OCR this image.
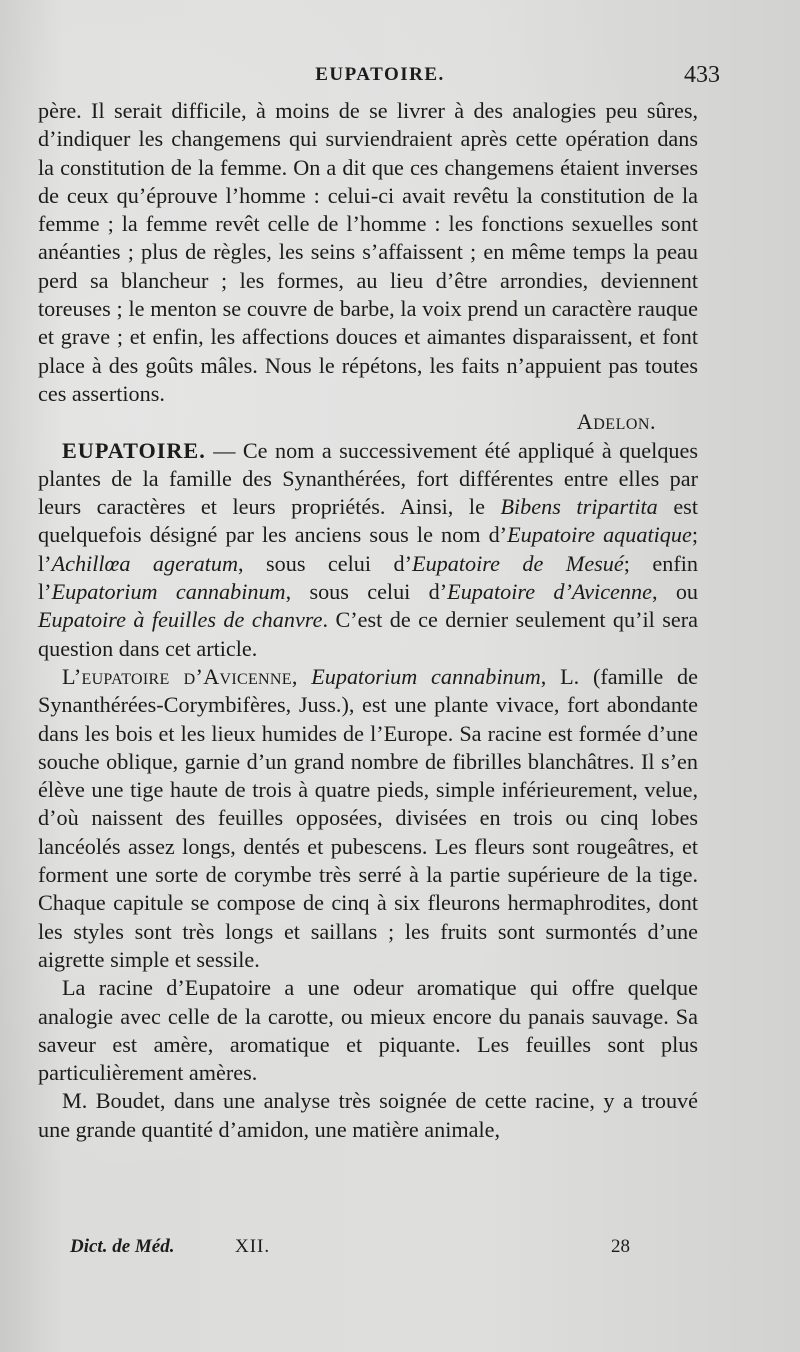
EUPATOIRE.	433

père. Il serait difficile, à moins de se livrer à des analogies peu sûres, d’indiquer les changemens qui surviendraient après cette opération dans la constitution de la femme. On a dit que ces changemens étaient inverses de ceux qu’éprouve l’homme : celui-ci avait revêtu la constitution de la femme ; la femme revêt celle de l’homme : les fonctions sexuelles sont anéanties ; plus de règles, les seins s’affaissent ; en même temps la peau perd sa blancheur ; les formes, au lieu d’être arrondies, deviennent toreuses ; le menton se couvre de barbe, la voix prend un caractère rauque et grave ; et enfin, les affections douces et aimantes disparaissent, et font place à des goûts mâles. Nous le répétons, les faits n’appuient pas toutes ces assertions.

Adelon.

EUPATOIRE. — Ce nom a successivement été appliqué à quelques plantes de la famille des Synanthérées, fort différentes entre elles par leurs caractères et leurs propriétés. Ainsi, le Bibens tripartita est quelquefois désigné par les anciens sous le nom d’Eupatoire aquatique; l’Achillœa ageratum, sous celui d’Eupatoire de Mesué; enfin l’Eupatorium cannabinum, sous celui d’Eupatoire d’Avicenne, ou Eupatoire à feuilles de chanvre. C’est de ce dernier seulement qu’il sera question dans cet article.

L’eupatoire d’Avicenne, Eupatorium cannabinum, L. (famille de Synanthérées-Corymbifères, Juss.), est une plante vivace, fort abondante dans les bois et les lieux humides de l’Europe. Sa racine est formée d’une souche oblique, garnie d’un grand nombre de fibrilles blanchâtres. Il s’en élève une tige haute de trois à quatre pieds, simple inférieurement, velue, d’où naissent des feuilles opposées, divisées en trois ou cinq lobes lancéolés assez longs, dentés et pubescens. Les fleurs sont rougeâtres, et forment une sorte de corymbe très serré à la partie supérieure de la tige. Chaque capitule se compose de cinq à six fleurons hermaphrodites, dont les styles sont très longs et saillans ; les fruits sont surmontés d’une aigrette simple et sessile.

La racine d’Eupatoire a une odeur aromatique qui offre quelque analogie avec celle de la carotte, ou mieux encore du panais sauvage. Sa saveur est amère, aromatique et piquante. Les feuilles sont plus particulièrement amères.

M. Boudet, dans une analyse très soignée de cette racine, y a trouvé une grande quantité d’amidon, une matière animale,

Dict. de Méd.	XII.	28
